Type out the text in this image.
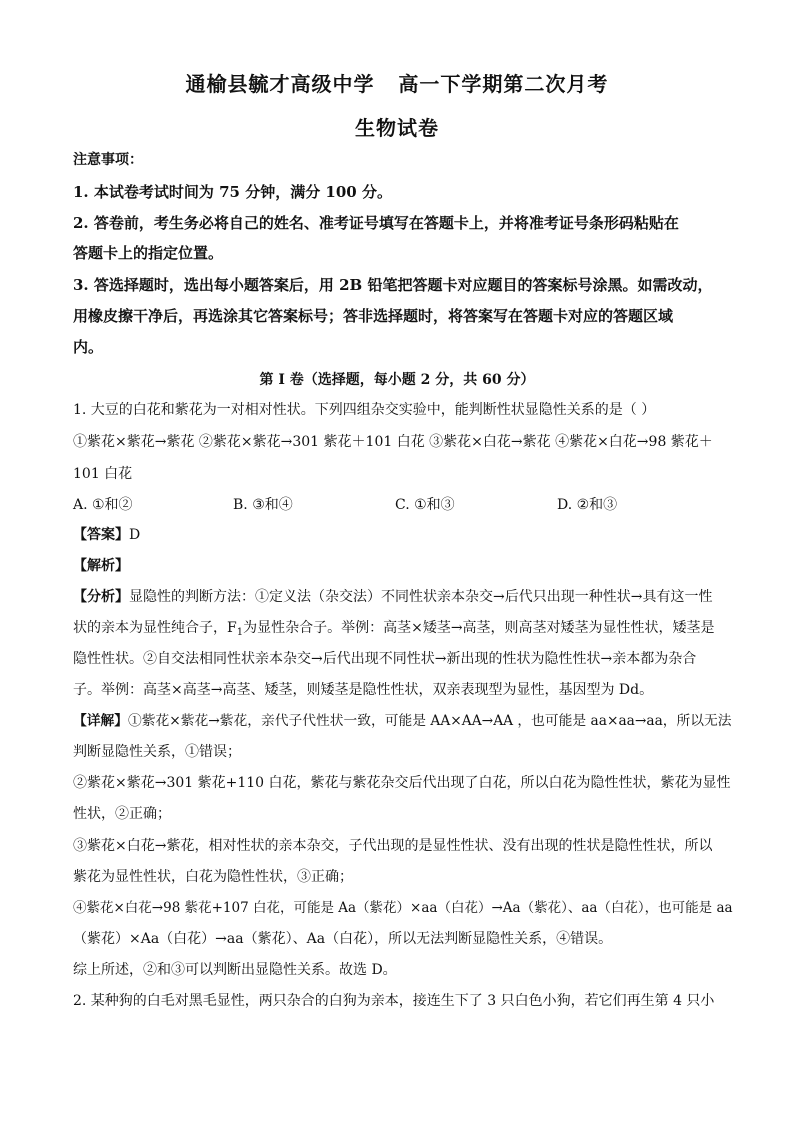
通榆县毓才高级中学   高一下学期第二次月考
生物试卷
注意事项：
1. 本试卷考试时间为 75 分钟，满分 100 分。
2. 答卷前，考生务必将自己的姓名、准考证号填写在答题卡上，并将准考证号条形码粘贴在
答题卡上的指定位置。
3. 答选择题时，选出每小题答案后，用 2B 铅笔把答题卡对应题目的答案标号涂黑。如需改动，
用橡皮擦干净后，再选涂其它答案标号；答非选择题时，将答案写在答题卡对应的答题区域
内。
第 I 卷（选择题，每小题 2 分，共 60 分）
1. 大豆的白花和紫花为一对相对性状。下列四组杂交实验中，能判断性状显隐性关系的是（ ）
①紫花×紫花→紫花 ②紫花×紫花→301 紫花＋101 白花 ③紫花×白花→紫花 ④紫花×白花→98 紫花＋
101 白花
A. ①和②	B. ③和④	C. ①和③	D. ②和③
【答案】D
【解析】
【分析】显隐性的判断方法：①定义法（杂交法）不同性状亲本杂交→后代只出现一种性状→具有这一性
状的亲本为显性纯合子，$F_1$为显性杂合子。举例：高茎×矮茎→高茎，则高茎对矮茎为显性性状，矮茎是
隐性性状。②自交法相同性状亲本杂交→后代出现不同性状→新出现的性状为隐性性状→亲本都为杂合
子。举例：高茎×高茎→高茎、矮茎，则矮茎是隐性性状，双亲表现型为显性，基因型为 Dd。
【详解】①紫花×紫花→紫花，亲代子代性状一致，可能是 AA×AA→AA ，也可能是 aa×aa→aa，所以无法
判断显隐性关系，①错误；
②紫花×紫花→301 紫花+110 白花，紫花与紫花杂交后代出现了白花，所以白花为隐性性状，紫花为显性
性状，②正确；
③紫花×白花→紫花，相对性状的亲本杂交，子代出现的是显性性状、没有出现的性状是隐性性状，所以
紫花为显性性状，白花为隐性性状，③正确；
④紫花×白花→98 紫花+107 白花，可能是 Aa（紫花）×aa（白花）→Aa（紫花）、aa（白花），也可能是 aa
（紫花）×Aa（白花）→aa（紫花）、Aa（白花），所以无法判断显隐性关系，④错误。
综上所述，②和③可以判断出显隐性关系。故选 D。
2. 某种狗的白毛对黑毛显性，两只杂合的白狗为亲本，接连生下了 3 只白色小狗，若它们再生第 4 只小
